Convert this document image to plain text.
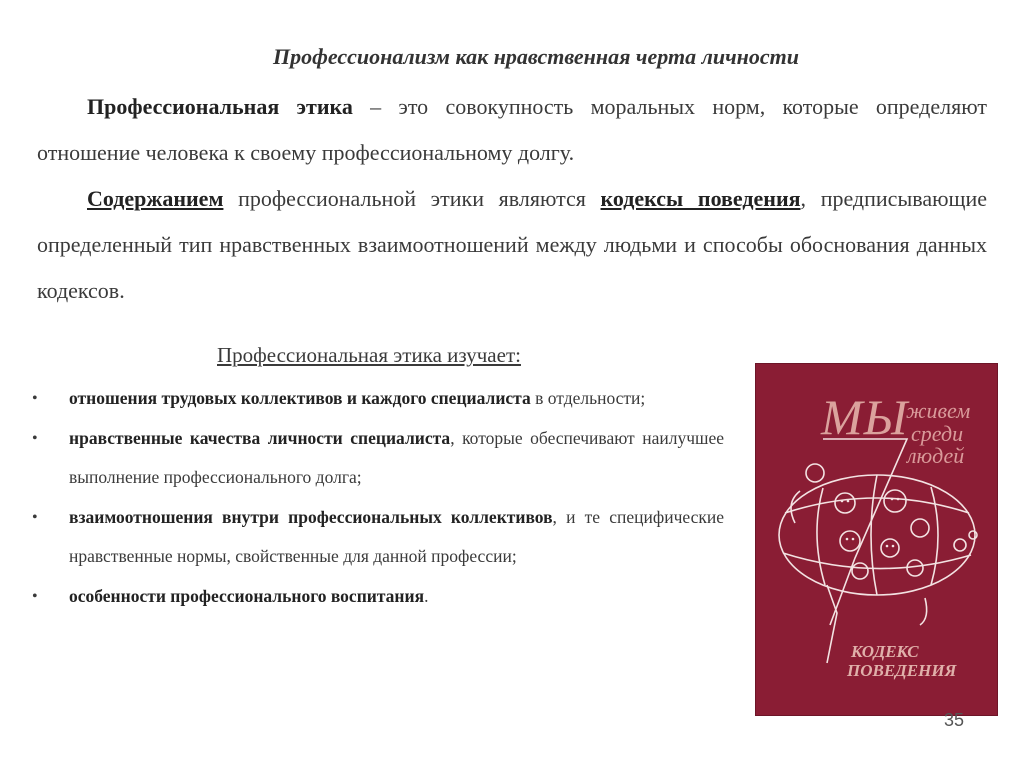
Профессионализм как нравственная черта личности
Профессиональная этика – это совокупность моральных норм, которые определяют отношение человека к своему профессиональному долгу.
Содержанием профессиональной этики являются кодексы поведения, предписывающие определенный тип нравственных взаимоотношений между людьми и способы обоснования данных кодексов.
Профессиональная этика изучает:
• отношения трудовых коллективов и каждого специалиста в отдельности;
• нравственные качества личности специалиста, которые обеспечивают наилучшее выполнение профессионального долга;
• взаимоотношения внутри профессиональных коллективов, и те специфические нравственные нормы, свойственные для данной профессии;
• особенности профессионального воспитания.
МЫ
живем
среди
людей
КОДЕКС
ПОВЕДЕНИЯ
35
